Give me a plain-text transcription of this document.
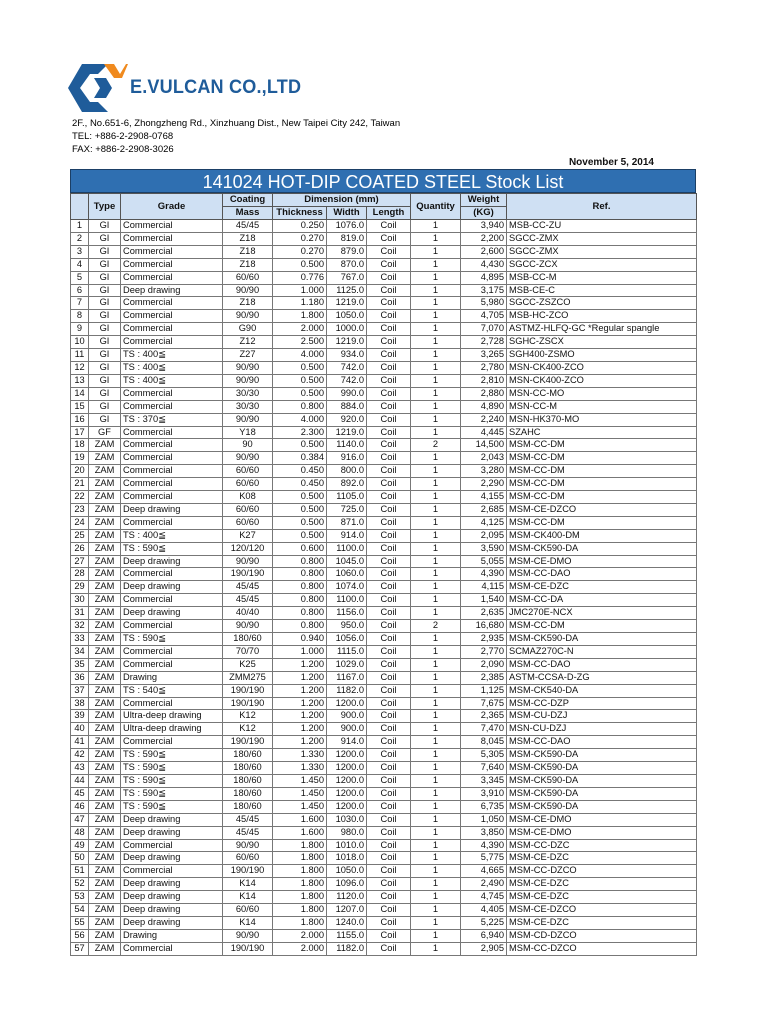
E.VULCAN CO.,LTD
2F., No.651-6, Zhongzheng Rd., Xinzhuang Dist., New Taipei City 242, Taiwan
TEL: +886-2-2908-0768
FAX: +886-2-2908-3026
November 5, 2014
141024 HOT-DIP COATED STEEL Stock List
	Type	Grade	Coating	Dimension (mm)			Quantity	Weight	Ref.
			Mass	Thickness	Width	Length		(KG)	
1	GI	Commercial	45/45	0.250	1076.0	Coil	1	3,940	MSB-CC-ZU
2	GI	Commercial	Z18	0.270	819.0	Coil	1	2,200	SGCC-ZMX
3	GI	Commercial	Z18	0.270	879.0	Coil	1	2,600	SGCC-ZMX
4	GI	Commercial	Z18	0.500	870.0	Coil	1	4,430	SGCC-ZCX
5	GI	Commercial	60/60	0.776	767.0	Coil	1	4,895	MSB-CC-M
6	GI	Deep drawing	90/90	1.000	1125.0	Coil	1	3,175	MSB-CE-C
7	GI	Commercial	Z18	1.180	1219.0	Coil	1	5,980	SGCC-ZSZCO
8	GI	Commercial	90/90	1.800	1050.0	Coil	1	4,705	MSB-HC-ZCO
9	GI	Commercial	G90	2.000	1000.0	Coil	1	7,070	ASTMZ-HLFQ-GC *Regular spangle
10	GI	Commercial	Z12	2.500	1219.0	Coil	1	2,728	SGHC-ZSCX
11	GI	TS : 400≦	Z27	4.000	934.0	Coil	1	3,265	SGH400-ZSMO
12	GI	TS : 400≦	90/90	0.500	742.0	Coil	1	2,780	MSN-CK400-ZCO
13	GI	TS : 400≦	90/90	0.500	742.0	Coil	1	2,810	MSN-CK400-ZCO
14	GI	Commercial	30/30	0.500	990.0	Coil	1	2,880	MSN-CC-MO
15	GI	Commercial	30/30	0.800	884.0	Coil	1	4,890	MSN-CC-M
16	GI	TS : 370≦	90/90	4.000	920.0	Coil	1	2,240	MSN-HK370-MO
17	GF	Commercial	Y18	2.300	1219.0	Coil	1	4,445	SZAHC
18	ZAM	Commercial	90	0.500	1140.0	Coil	2	14,500	MSM-CC-DM
19	ZAM	Commercial	90/90	0.384	916.0	Coil	1	2,043	MSM-CC-DM
20	ZAM	Commercial	60/60	0.450	800.0	Coil	1	3,280	MSM-CC-DM
21	ZAM	Commercial	60/60	0.450	892.0	Coil	1	2,290	MSM-CC-DM
22	ZAM	Commercial	K08	0.500	1105.0	Coil	1	4,155	MSM-CC-DM
23	ZAM	Deep drawing	60/60	0.500	725.0	Coil	1	2,685	MSM-CE-DZCO
24	ZAM	Commercial	60/60	0.500	871.0	Coil	1	4,125	MSM-CC-DM
25	ZAM	TS : 400≦	K27	0.500	914.0	Coil	1	2,095	MSM-CK400-DM
26	ZAM	TS : 590≦	120/120	0.600	1100.0	Coil	1	3,590	MSM-CK590-DA
27	ZAM	Deep drawing	90/90	0.800	1045.0	Coil	1	5,055	MSM-CE-DMO
28	ZAM	Commercial	190/190	0.800	1060.0	Coil	1	4,390	MSM-CC-DAO
29	ZAM	Deep drawing	45/45	0.800	1074.0	Coil	1	4,115	MSM-CE-DZC
30	ZAM	Commercial	45/45	0.800	1100.0	Coil	1	1,540	MSM-CC-DA
31	ZAM	Deep drawing	40/40	0.800	1156.0	Coil	1	2,635	JMC270E-NCX
32	ZAM	Commercial	90/90	0.800	950.0	Coil	2	16,680	MSM-CC-DM
33	ZAM	TS : 590≦	180/60	0.940	1056.0	Coil	1	2,935	MSM-CK590-DA
34	ZAM	Commercial	70/70	1.000	1115.0	Coil	1	2,770	SCMAZ270C-N
35	ZAM	Commercial	K25	1.200	1029.0	Coil	1	2,090	MSM-CC-DAO
36	ZAM	Drawing	ZMM275	1.200	1167.0	Coil	1	2,385	ASTM-CCSA-D-ZG
37	ZAM	TS : 540≦	190/190	1.200	1182.0	Coil	1	1,125	MSM-CK540-DA
38	ZAM	Commercial	190/190	1.200	1200.0	Coil	1	7,675	MSM-CC-DZP
39	ZAM	Ultra-deep drawing	K12	1.200	900.0	Coil	1	2,365	MSM-CU-DZJ
40	ZAM	Ultra-deep drawing	K12	1.200	900.0	Coil	1	7,470	MSN-CU-DZJ
41	ZAM	Commercial	190/190	1.200	914.0	Coil	1	8,045	MSM-CC-DAO
42	ZAM	TS : 590≦	180/60	1.330	1200.0	Coil	1	5,305	MSM-CK590-DA
43	ZAM	TS : 590≦	180/60	1.330	1200.0	Coil	1	7,640	MSM-CK590-DA
44	ZAM	TS : 590≦	180/60	1.450	1200.0	Coil	1	3,345	MSM-CK590-DA
45	ZAM	TS : 590≦	180/60	1.450	1200.0	Coil	1	3,910	MSM-CK590-DA
46	ZAM	TS : 590≦	180/60	1.450	1200.0	Coil	1	6,735	MSM-CK590-DA
47	ZAM	Deep drawing	45/45	1.600	1030.0	Coil	1	1,050	MSM-CE-DMO
48	ZAM	Deep drawing	45/45	1.600	980.0	Coil	1	3,850	MSM-CE-DMO
49	ZAM	Commercial	90/90	1.800	1010.0	Coil	1	4,390	MSM-CC-DZC
50	ZAM	Deep drawing	60/60	1.800	1018.0	Coil	1	5,775	MSM-CE-DZC
51	ZAM	Commercial	190/190	1.800	1050.0	Coil	1	4,665	MSM-CC-DZCO
52	ZAM	Deep drawing	K14	1.800	1096.0	Coil	1	2,490	MSM-CE-DZC
53	ZAM	Deep drawing	K14	1.800	1120.0	Coil	1	4,745	MSM-CE-DZC
54	ZAM	Deep drawing	60/60	1.800	1207.0	Coil	1	4,405	MSM-CE-DZCO
55	ZAM	Deep drawing	K14	1.800	1240.0	Coil	1	5,225	MSM-CE-DZC
56	ZAM	Drawing	90/90	2.000	1155.0	Coil	1	6,940	MSM-CD-DZCO
57	ZAM	Commercial	190/190	2.000	1182.0	Coil	1	2,905	MSM-CC-DZCO
